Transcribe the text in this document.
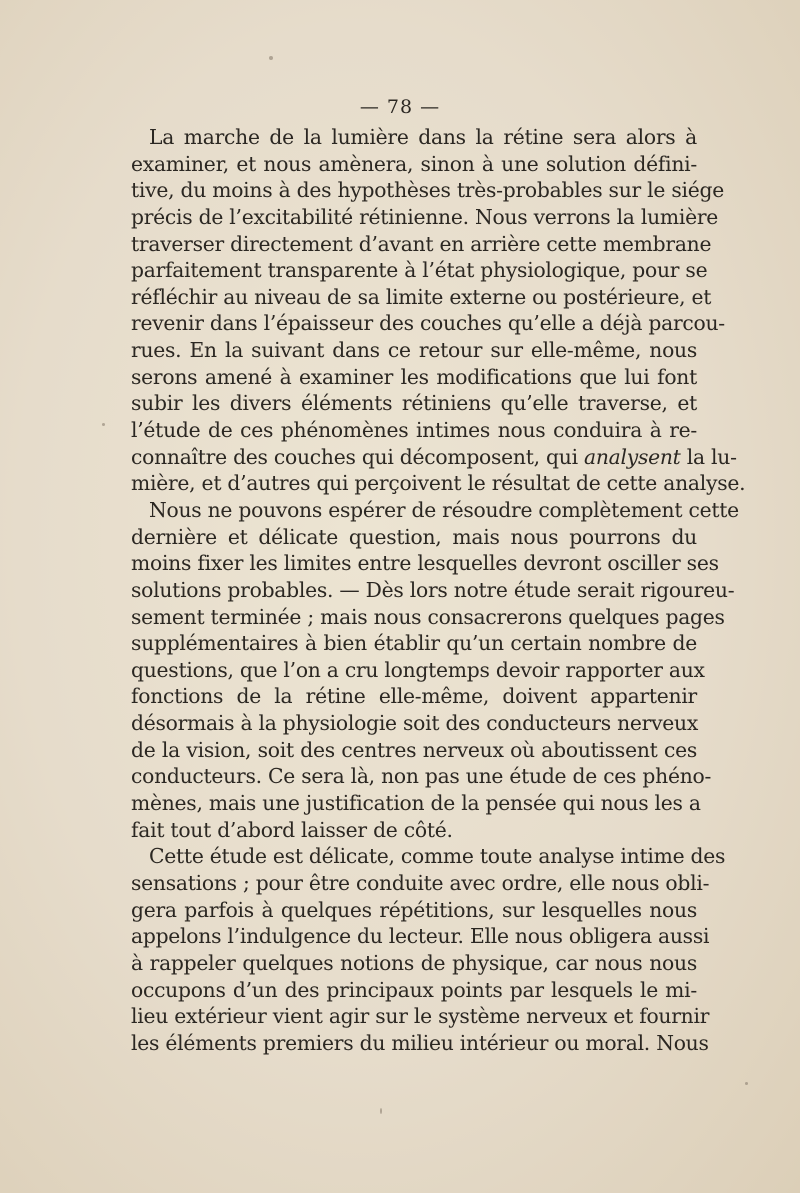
— 78 —
La marche de la lumière dans la rétine sera alors à
examiner, et nous amènera, sinon à une solution défini-
tive, du moins à des hypothèses très-probables sur le siége
précis de l’excitabilité rétinienne. Nous verrons la lumière
traverser directement d’avant en arrière cette membrane
parfaitement transparente à l’état physiologique, pour se
réfléchir au niveau de sa limite externe ou postérieure, et
revenir dans l’épaisseur des couches qu’elle a déjà parcou-
rues. En la suivant dans ce retour sur elle-même, nous
serons amené à examiner les modifications que lui font
subir les divers éléments rétiniens qu’elle traverse, et
l’étude de ces phénomènes intimes nous conduira à re-
connaître des couches qui décomposent, qui analysent la lu-
mière, et d’autres qui perçoivent le résultat de cette analyse.
Nous ne pouvons espérer de résoudre complètement cette
dernière et délicate question, mais nous pourrons du
moins fixer les limites entre lesquelles devront osciller ses
solutions probables. — Dès lors notre étude serait rigoureu-
sement terminée ; mais nous consacrerons quelques pages
supplémentaires à bien établir qu’un certain nombre de
questions, que l’on a cru longtemps devoir rapporter aux
fonctions de la rétine elle-même, doivent appartenir
désormais à la physiologie soit des conducteurs nerveux
de la vision, soit des centres nerveux où aboutissent ces
conducteurs. Ce sera là, non pas une étude de ces phéno-
mènes, mais une justification de la pensée qui nous les a
fait tout d’abord laisser de côté.
Cette étude est délicate, comme toute analyse intime des
sensations ; pour être conduite avec ordre, elle nous obli-
gera parfois à quelques répétitions, sur lesquelles nous
appelons l’indulgence du lecteur. Elle nous obligera aussi
à rappeler quelques notions de physique, car nous nous
occupons d’un des principaux points par lesquels le mi-
lieu extérieur vient agir sur le système nerveux et fournir
les éléments premiers du milieu intérieur ou moral. Nous
